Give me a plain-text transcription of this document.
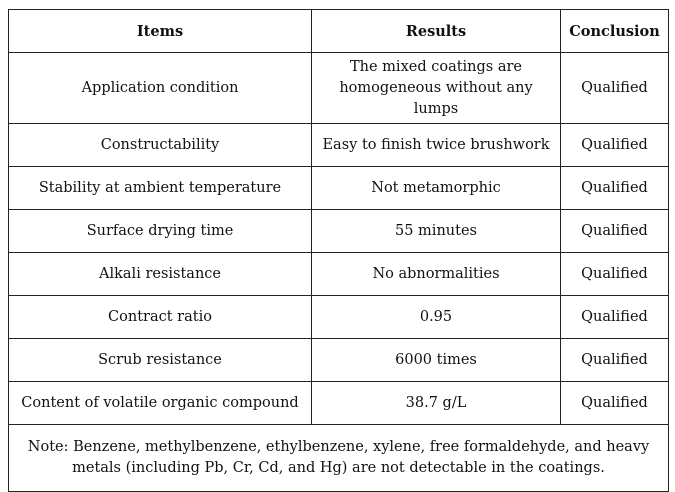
Items	Results	Conclusion
Application condition	The mixed coatings are homogeneous without any lumps	Qualified
Constructability	Easy to finish twice brushwork	Qualified
Stability at ambient temperature	Not metamorphic	Qualified
Surface drying time	55 minutes	Qualified
Alkali resistance	No abnormalities	Qualified
Contract ratio	0.95	Qualified
Scrub resistance	6000 times	Qualified
Content of volatile organic compound	38.7 g/L	Qualified
Note: Benzene, methylbenzene, ethylbenzene, xylene, free formaldehyde, and heavy metals (including Pb, Cr, Cd, and Hg) are not detectable in the coatings.		
